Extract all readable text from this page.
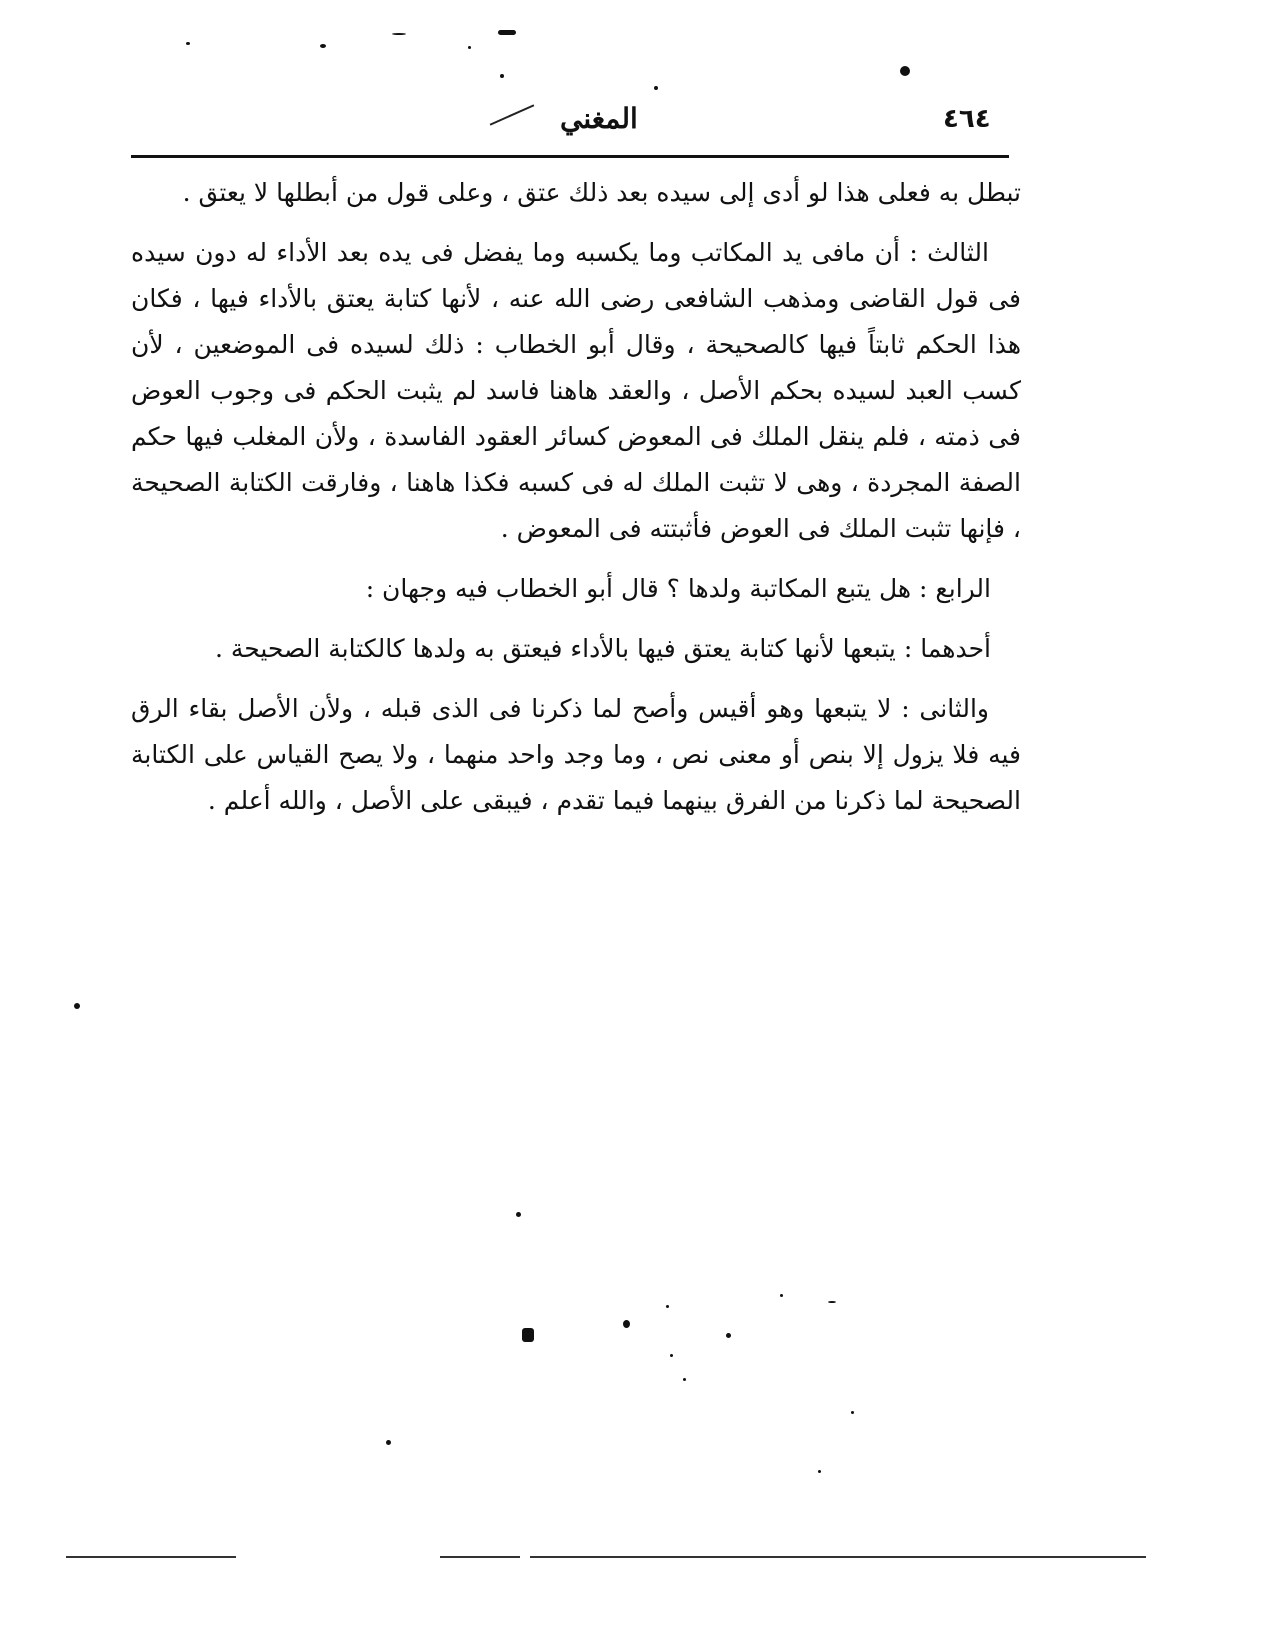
٤٦٤
المغني

تبطل به فعلى هذا لو أدى إلى سيده بعد ذلك عتق ، وعلى قول من أبطلها لا يعتق .

الثالث : أن مافى يد المكاتب وما يكسبه وما يفضل فى يده بعد الأداء له دون سيده فى قول القاضى ومذهب الشافعى رضى الله عنه ، لأنها كتابة يعتق بالأداء فيها ، فكان هذا الحكم ثابتاً فيها كالصحيحة ، وقال أبو الخطاب : ذلك لسيده فى الموضعين ، لأن كسب العبد لسيده بحكم الأصل ، والعقد هاهنا فاسد لم يثبت الحكم فى وجوب العوض فى ذمته ، فلم ينقل الملك فى المعوض كسائر العقود الفاسدة ، ولأن المغلب فيها حكم الصفة المجردة ، وهى لا تثبت الملك له فى كسبه فكذا هاهنا ، وفارقت الكتابة الصحيحة ، فإنها تثبت الملك فى العوض فأثبتته فى المعوض .

الرابع : هل يتبع المكاتبة ولدها ؟ قال أبو الخطاب فيه وجهان :

أحدهما : يتبعها لأنها كتابة يعتق فيها بالأداء فيعتق به ولدها كالكتابة الصحيحة .

والثانى : لا يتبعها وهو أقيس وأصح لما ذكرنا فى الذى قبله ، ولأن الأصل بقاء الرق فيه فلا يزول إلا بنص أو معنى نص ، وما وجد واحد منهما ، ولا يصح القياس على الكتابة الصحيحة لما ذكرنا من الفرق بينهما فيما تقدم ، فيبقى على الأصل ، والله أعلم .
